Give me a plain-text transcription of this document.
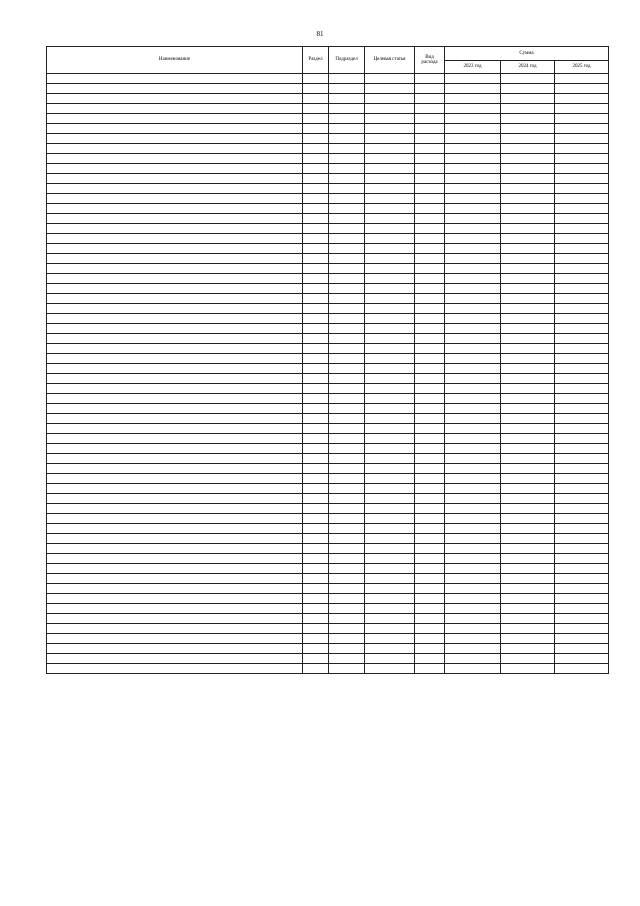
81
Наименование	Раздел	Подраздел	Целевая статья	Вид расхода	Сумма		
					2023 год	2024 год	2025 год
